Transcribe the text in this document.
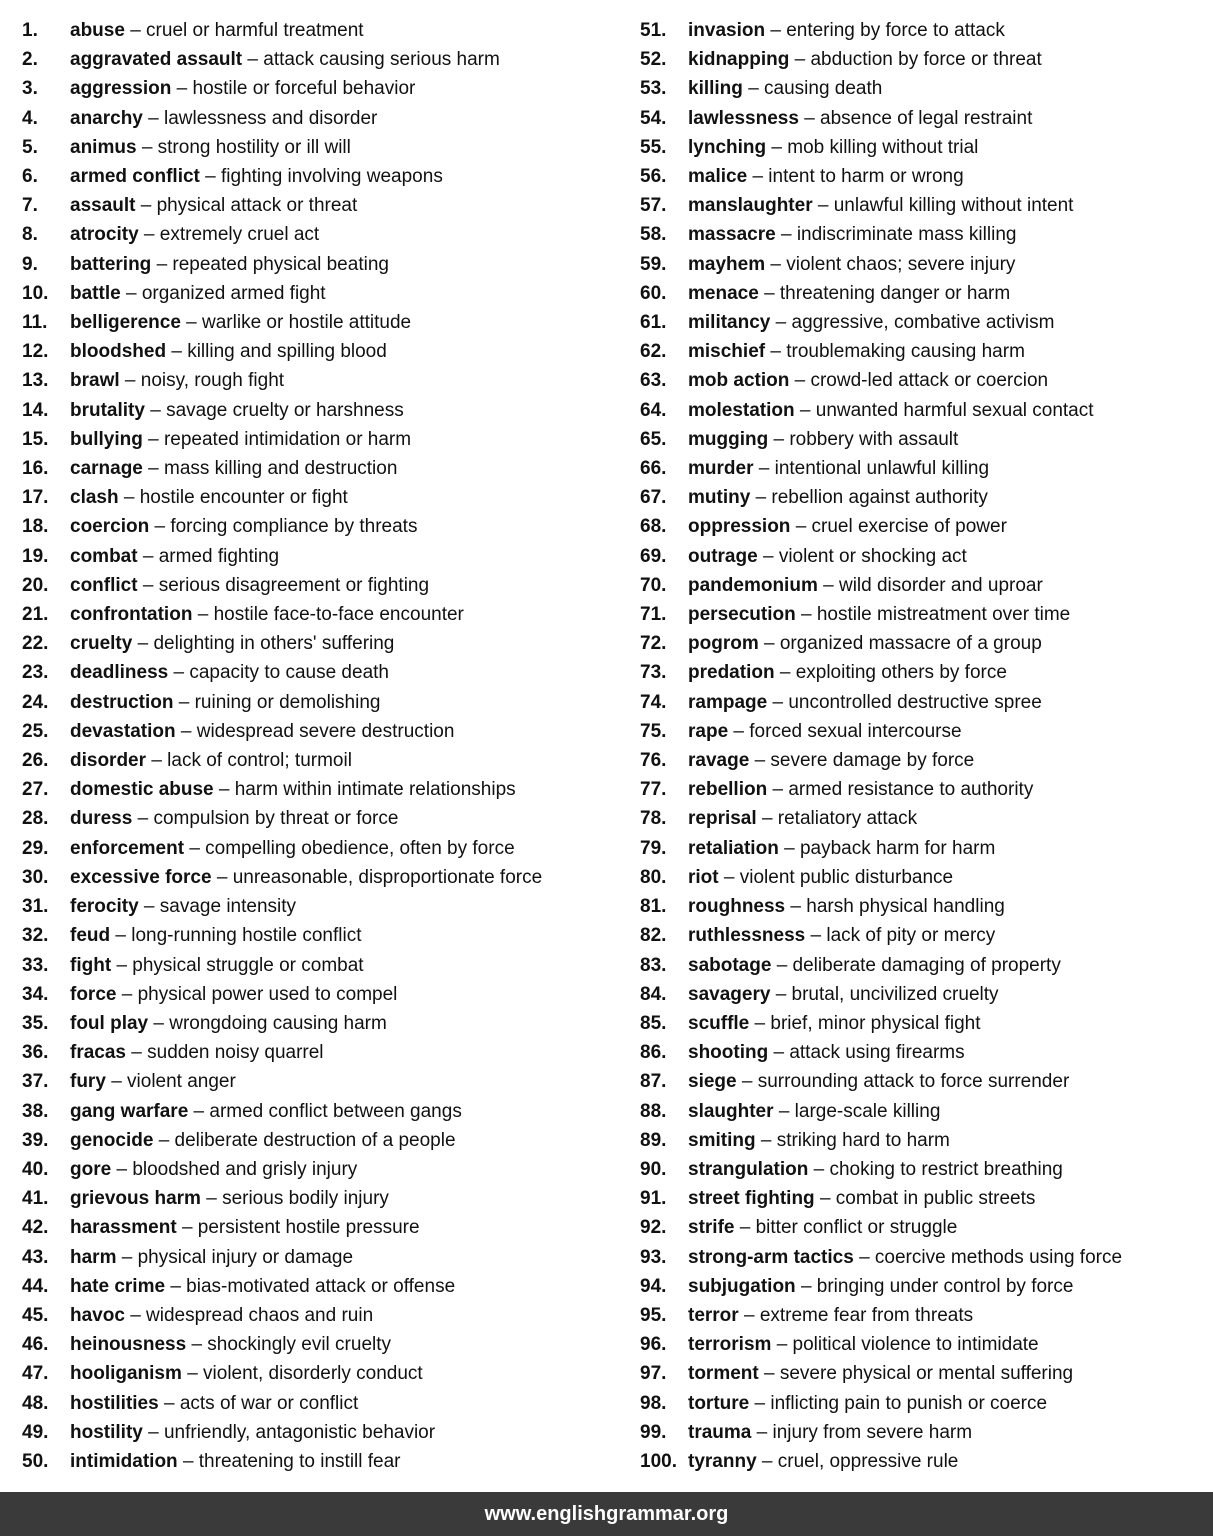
1.	abuse – cruel or harmful treatment
2.	aggravated assault – attack causing serious harm
3.	aggression – hostile or forceful behavior
4.	anarchy – lawlessness and disorder
5.	animus – strong hostility or ill will
6.	armed conflict – fighting involving weapons
7.	assault – physical attack or threat
8.	atrocity – extremely cruel act
9.	battering – repeated physical beating
10.	battle – organized armed fight
11.	belligerence – warlike or hostile attitude
12.	bloodshed – killing and spilling blood
13.	brawl – noisy, rough fight
14.	brutality – savage cruelty or harshness
15.	bullying – repeated intimidation or harm
16.	carnage – mass killing and destruction
17.	clash – hostile encounter or fight
18.	coercion – forcing compliance by threats
19.	combat – armed fighting
20.	conflict – serious disagreement or fighting
21.	confrontation – hostile face-to-face encounter
22.	cruelty – delighting in others' suffering
23.	deadliness – capacity to cause death
24.	destruction – ruining or demolishing
25.	devastation – widespread severe destruction
26.	disorder – lack of control; turmoil
27.	domestic abuse – harm within intimate relationships
28.	duress – compulsion by threat or force
29.	enforcement – compelling obedience, often by force
30.	excessive force – unreasonable, disproportionate force
31.	ferocity – savage intensity
32.	feud – long-running hostile conflict
33.	fight – physical struggle or combat
34.	force – physical power used to compel
35.	foul play – wrongdoing causing harm
36.	fracas – sudden noisy quarrel
37.	fury – violent anger
38.	gang warfare – armed conflict between gangs
39.	genocide – deliberate destruction of a people
40.	gore – bloodshed and grisly injury
41.	grievous harm – serious bodily injury
42.	harassment – persistent hostile pressure
43.	harm – physical injury or damage
44.	hate crime – bias-motivated attack or offense
45.	havoc – widespread chaos and ruin
46.	heinousness – shockingly evil cruelty
47.	hooliganism – violent, disorderly conduct
48.	hostilities – acts of war or conflict
49.	hostility – unfriendly, antagonistic behavior
50.	intimidation – threatening to instill fear
51.	invasion – entering by force to attack
52.	kidnapping – abduction by force or threat
53.	killing – causing death
54.	lawlessness – absence of legal restraint
55.	lynching – mob killing without trial
56.	malice – intent to harm or wrong
57.	manslaughter – unlawful killing without intent
58.	massacre – indiscriminate mass killing
59.	mayhem – violent chaos; severe injury
60.	menace – threatening danger or harm
61.	militancy – aggressive, combative activism
62.	mischief – troublemaking causing harm
63.	mob action – crowd-led attack or coercion
64.	molestation – unwanted harmful sexual contact
65.	mugging – robbery with assault
66.	murder – intentional unlawful killing
67.	mutiny – rebellion against authority
68.	oppression – cruel exercise of power
69.	outrage – violent or shocking act
70.	pandemonium – wild disorder and uproar
71.	persecution – hostile mistreatment over time
72.	pogrom – organized massacre of a group
73.	predation – exploiting others by force
74.	rampage – uncontrolled destructive spree
75.	rape – forced sexual intercourse
76.	ravage – severe damage by force
77.	rebellion – armed resistance to authority
78.	reprisal – retaliatory attack
79.	retaliation – payback harm for harm
80.	riot – violent public disturbance
81.	roughness – harsh physical handling
82.	ruthlessness – lack of pity or mercy
83.	sabotage – deliberate damaging of property
84.	savagery – brutal, uncivilized cruelty
85.	scuffle – brief, minor physical fight
86.	shooting – attack using firearms
87.	siege – surrounding attack to force surrender
88.	slaughter – large-scale killing
89.	smiting – striking hard to harm
90.	strangulation – choking to restrict breathing
91.	street fighting – combat in public streets
92.	strife – bitter conflict or struggle
93.	strong-arm tactics – coercive methods using force
94.	subjugation – bringing under control by force
95.	terror – extreme fear from threats
96.	terrorism – political violence to intimidate
97.	torment – severe physical or mental suffering
98.	torture – inflicting pain to punish or coerce
99.	trauma – injury from severe harm
100. tyranny – cruel, oppressive rule
www.englishgrammar.org
